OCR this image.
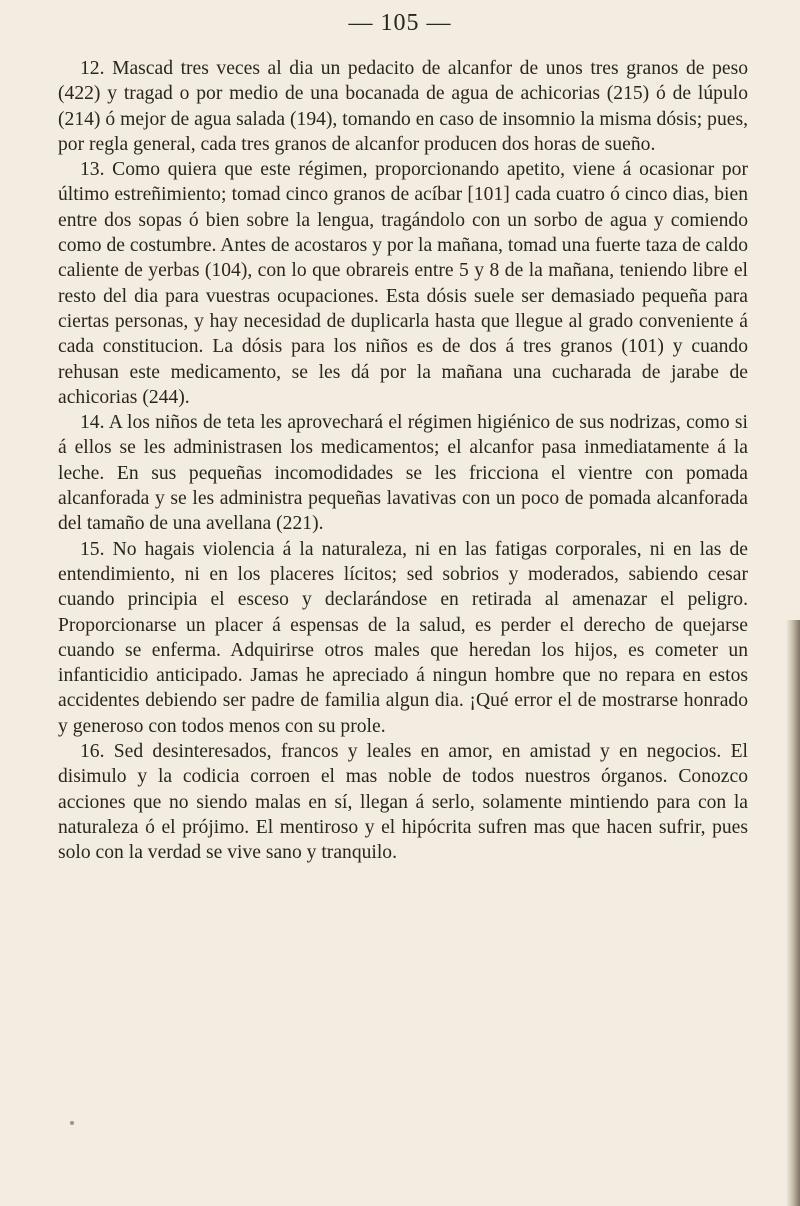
— 105 —

12. Mascad tres veces al dia un pedacito de alcanfor de unos tres granos de peso (422) y tragad o por medio de una bocanada de agua de achicorias (215) ó de lúpulo (214) ó mejor de agua salada (194), tomando en caso de insomnio la misma dósis; pues, por regla general, cada tres granos de alcanfor producen dos horas de sueño.

13. Como quiera que este régimen, proporcionando apetito, viene á ocasionar por último estreñimiento; tomad cinco granos de acíbar [101] cada cuatro ó cinco dias, bien entre dos sopas ó bien sobre la lengua, tragándolo con un sorbo de agua y comiendo como de costumbre. Antes de acostaros y por la mañana, tomad una fuerte taza de caldo caliente de yerbas (104), con lo que obrareis entre 5 y 8 de la mañana, teniendo libre el resto del dia para vuestras ocupaciones. Esta dósis suele ser demasiado pequeña para ciertas personas, y hay necesidad de duplicarla hasta que llegue al grado conveniente á cada constitucion. La dósis para los niños es de dos á tres granos (101) y cuando rehusan este medicamento, se les dá por la mañana una cucharada de jarabe de achicorias (244).

14. A los niños de teta les aprovechará el régimen higiénico de sus nodrizas, como si á ellos se les administrasen los medicamentos; el alcanfor pasa inmediatamente á la leche. En sus pequeñas incomodidades se les fricciona el vientre con pomada alcanforada y se les administra pequeñas lavativas con un poco de pomada alcanforada del tamaño de una avellana (221).

15. No hagais violencia á la naturaleza, ni en las fatigas corporales, ni en las de entendimiento, ni en los placeres lícitos; sed sobrios y moderados, sabiendo cesar cuando principia el esceso y declarándose en retirada al amenazar el peligro. Proporcionarse un placer á espensas de la salud, es perder el derecho de quejarse cuando se enferma. Adquirirse otros males que heredan los hijos, es cometer un infanticidio anticipado. Jamas he apreciado á ningun hombre que no repara en estos accidentes debiendo ser padre de familia algun dia. ¡Qué error el de mostrarse honrado y generoso con todos menos con su prole.

16. Sed desinteresados, francos y leales en amor, en amistad y en negocios. El disimulo y la codicia corroen el mas noble de todos nuestros órganos. Conozco acciones que no siendo malas en sí, llegan á serlo, solamente mintiendo para con la naturaleza ó el prójimo. El mentiroso y el hipócrita sufren mas que hacen sufrir, pues solo con la verdad se vive sano y tranquilo.
